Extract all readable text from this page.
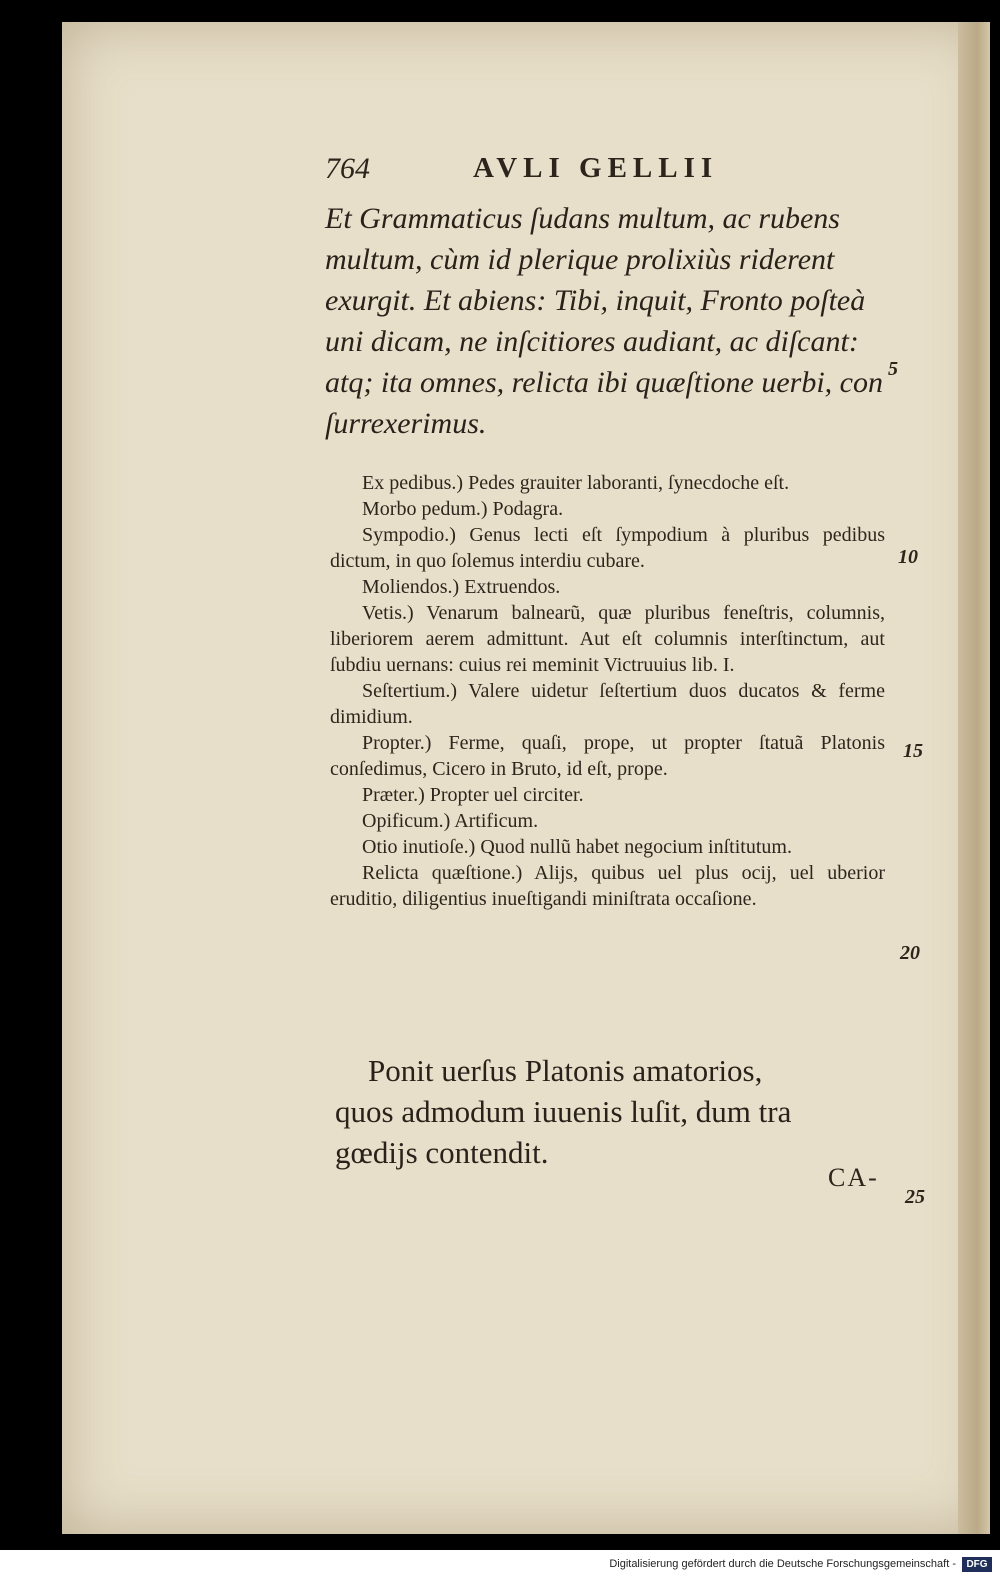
764	AVLI GELLII
Et Grammaticus ſudans multum, ac rubens
multum, cùm id plerique prolixiùs riderent
exurgit. Et abiens: Tibi, inquit, Fronto poſteà
uni dicam, ne inſcitiores audiant, ac diſcant:
atq; ita omnes, relicta ibi quæſtione uerbi, con
ſurrexerimus.
Ex pedibus.) Pedes grauiter laboranti, ſynecdoche eſt.
Morbo pedum.) Podagra.
Sympodio.) Genus lecti eſt ſympodium à pluribus pedibus dictum, in quo ſolemus interdiu cubare.
Moliendos.) Extruendos.
Vetis.) Venarum balnearũ, quæ pluribus feneſtris, columnis, liberiorem aerem admittunt. Aut eſt columnis interſtinctum, aut ſubdiu uernans: cuius rei meminit Victruuius lib. I.
Seſtertium.) Valere uidetur ſeſtertium duos ducatos & ferme dimidium.
Propter.) Ferme, quaſi, prope, ut propter ſtatuã Platonis conſedimus, Cicero in Bruto, id eſt, prope.
Præter.) Propter uel circiter.
Opificum.) Artificum.
Otio inutioſe.) Quod nullũ habet negocium inſtitutum.
Relicta quæſtione.) Alijs, quibus uel plus ocij, uel uberior eruditio, diligentius inueſtigandi miniſtrata occaſione.
Ponit uerſus Platonis amatorios,
quos admodum iuuenis luſit, dum tra
gœdijs contendit.
CA-
5
10
15
20
25
Digitalisierung gefördert durch die Deutsche Forschungsgemeinschaft -	DFG
